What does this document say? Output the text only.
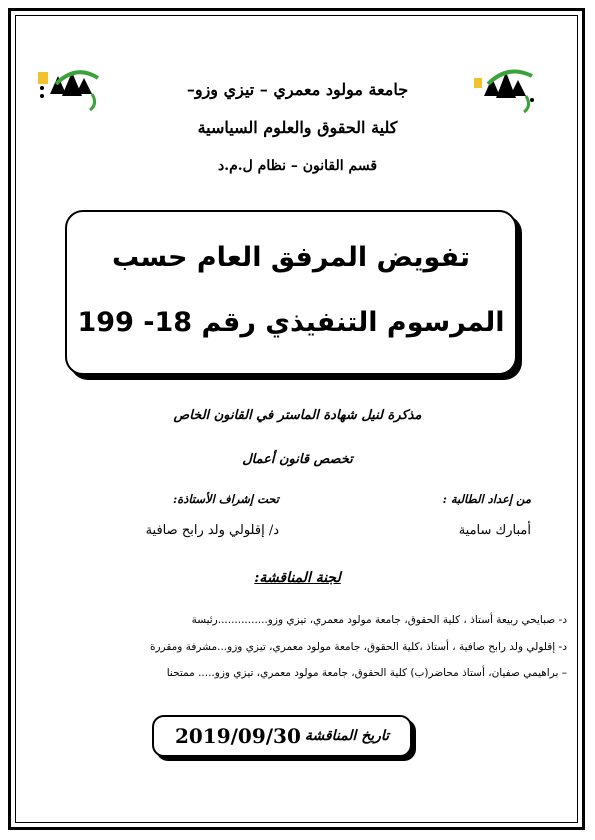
جامعة مولود معمري – تيزي وزو–
كلية الحقوق والعلوم السياسية
قسم القانون – نظام ل.م.د
تفويض المرفق العام حسب
المرسوم التنفيذي رقم 18- 199
مذكرة لنيل شهادة الماستر في القانون الخاص
تخصص قانون أعمال
من إعداد الطالبة :
تحت إشراف الأستاذة:
أمبارك سامية
د/ إقلولي ولد رابح صافية
لجنة المناقشة:
د- صبايحي ربيعة أستاذ ، كلية الحقوق، جامعة مولود معمري، تيزي وزو...............رئيسة
د- إقلولي ولد رابح صافية ، أستاذ ،كلية الحقوق، جامعة مولود معمري، تيزي وزو...مشرفة ومقررة
– براهيمي صفيان، أستاذ محاضر(ب) كلية الحقوق، جامعة مولود معمري، تيزي وزو..... ممتحنا
تاريخ المناقشة
2019/09/30
